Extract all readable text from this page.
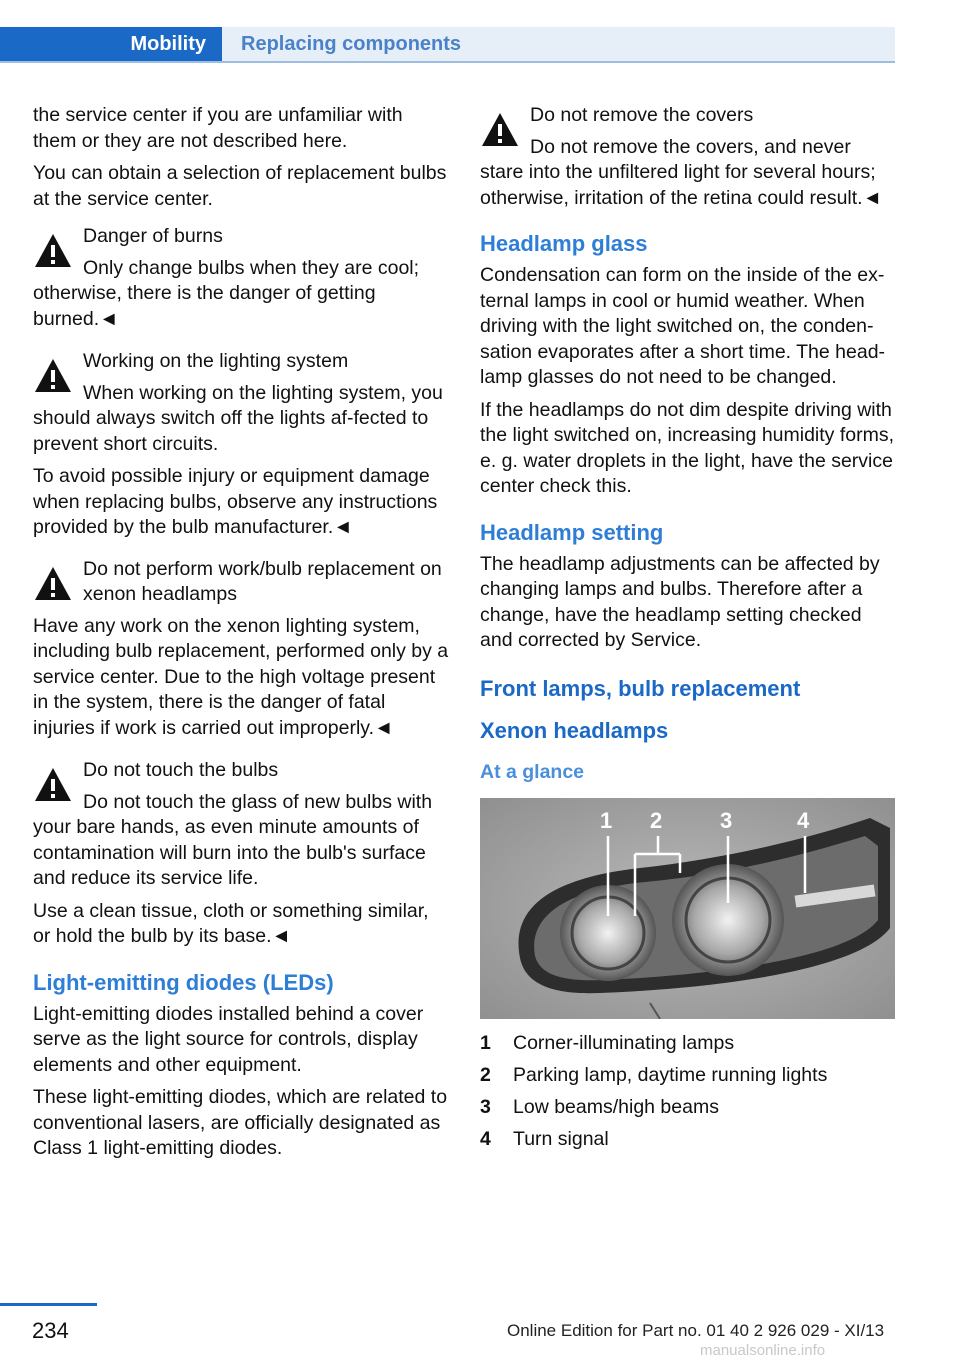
Mobility	Replacing components

the service center if you are unfamiliar with them or they are not described here.

You can obtain a selection of replacement bulbs at the service center.

Danger of burns
Only change bulbs when they are cool; otherwise, there is the danger of getting burned.◄
Working on the lighting system
When working on the lighting system, you should always switch off the lights af‐fected to prevent short circuits.

To avoid possible injury or equipment damage when replacing bulbs, observe any instructions provided by the bulb manufacturer.◄

Do not perform work/bulb replacement on xenon headlamps
Have any work on the xenon lighting system, including bulb replacement, performed only by a service center. Due to the high voltage present in the system, there is the danger of fatal injuries if work is carried out improperly.◄
Do not touch the bulbs
Do not touch the glass of new bulbs with your bare hands, as even minute amounts of contamination will burn into the bulb's surface and reduce its service life.

Use a clean tissue, cloth or something similar, or hold the bulb by its base.◄

Light‐emitting diodes (LEDs)

Light‐emitting diodes installed behind a cover serve as the light source for controls, display elements and other equipment.

These light‐emitting diodes, which are related to conventional lasers, are officially designated as Class 1 light‐emitting diodes.

Do not remove the covers
Do not remove the covers, and never stare into the unfiltered light for several hours; otherwise, irritation of the retina could result.◄
Headlamp glass

Condensation can form on the inside of the ex‐ternal lamps in cool or humid weather. When driving with the light switched on, the conden‐sation evaporates after a short time. The head‐lamp glasses do not need to be changed.

If the headlamps do not dim despite driving with the light switched on, increasing humidity forms, e. g. water droplets in the light, have the service center check this.

Headlamp setting

The headlamp adjustments can be affected by changing lamps and bulbs. Therefore after a change, have the headlamp setting checked and corrected by Service.

Front lamps, bulb replacement
Xenon headlamps
At a glance
1 2	3	4
1	Corner‐illuminating lamps
2	Parking lamp, daytime running lights
3	Low beams/high beams
4	Turn signal
234	Online Edition for Part no. 01 40 2 926 029 - XI/13
manualsonline.info
